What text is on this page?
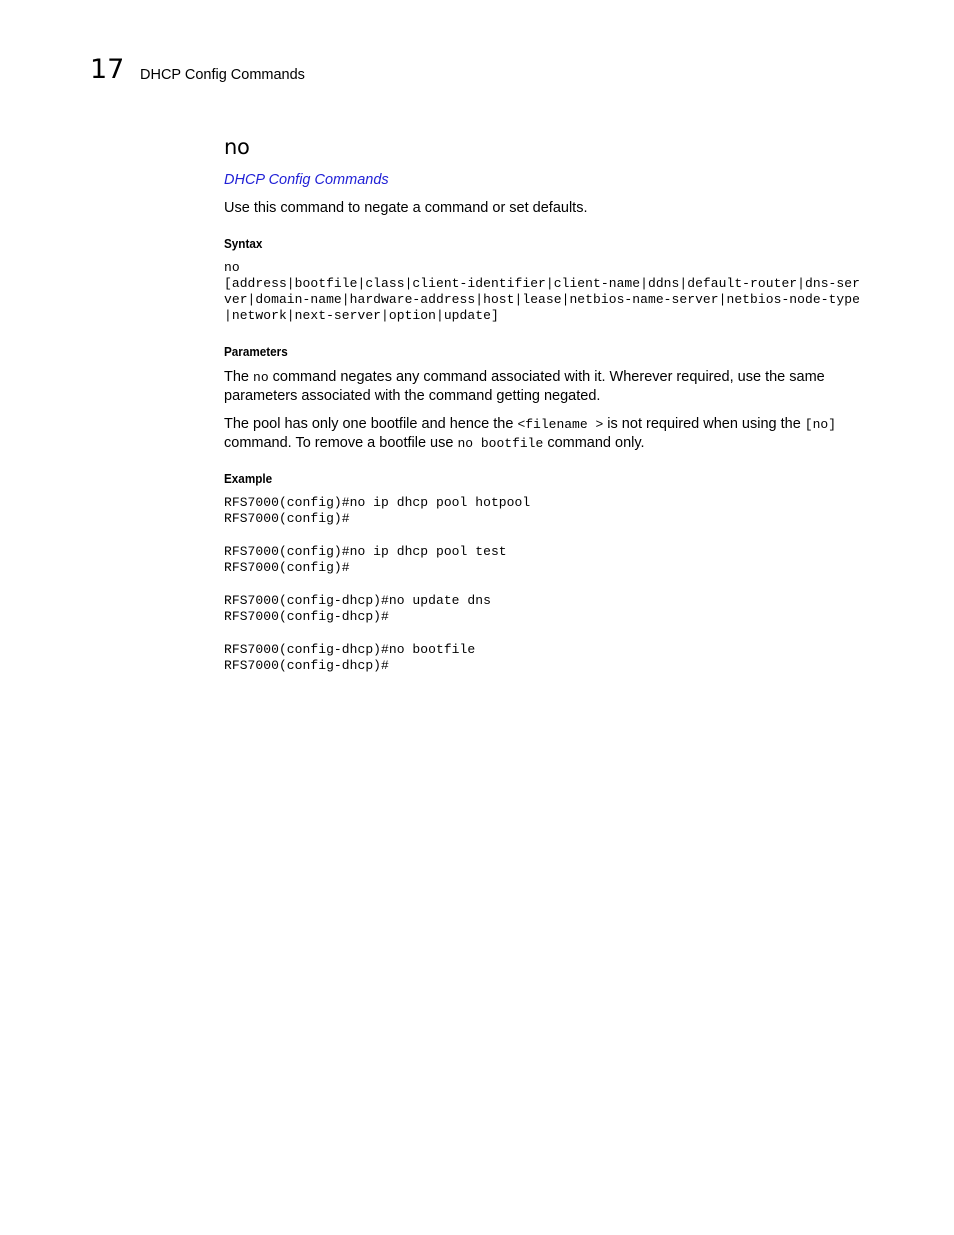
17 DHCP Config Commands
no
DHCP Config Commands

Use this command to negate a command or set defaults.

Syntax
no
[address|bootfile|class|client-identifier|client-name|ddns|default-router|dns-ser
ver|domain-name|hardware-address|host|lease|netbios-name-server|netbios-node-type
|network|next-server|option|update]
Parameters

The no command negates any command associated with it. Wherever required, use the same parameters associated with the command getting negated.

The pool has only one bootfile and hence the <filename > is not required when using the [no] command. To remove a bootfile use no bootfile command only.

Example
RFS7000(config)#no ip dhcp pool hotpool
RFS7000(config)#
RFS7000(config)#no ip dhcp pool test
RFS7000(config)#
RFS7000(config-dhcp)#no update dns
RFS7000(config-dhcp)#
RFS7000(config-dhcp)#no bootfile
RFS7000(config-dhcp)#
